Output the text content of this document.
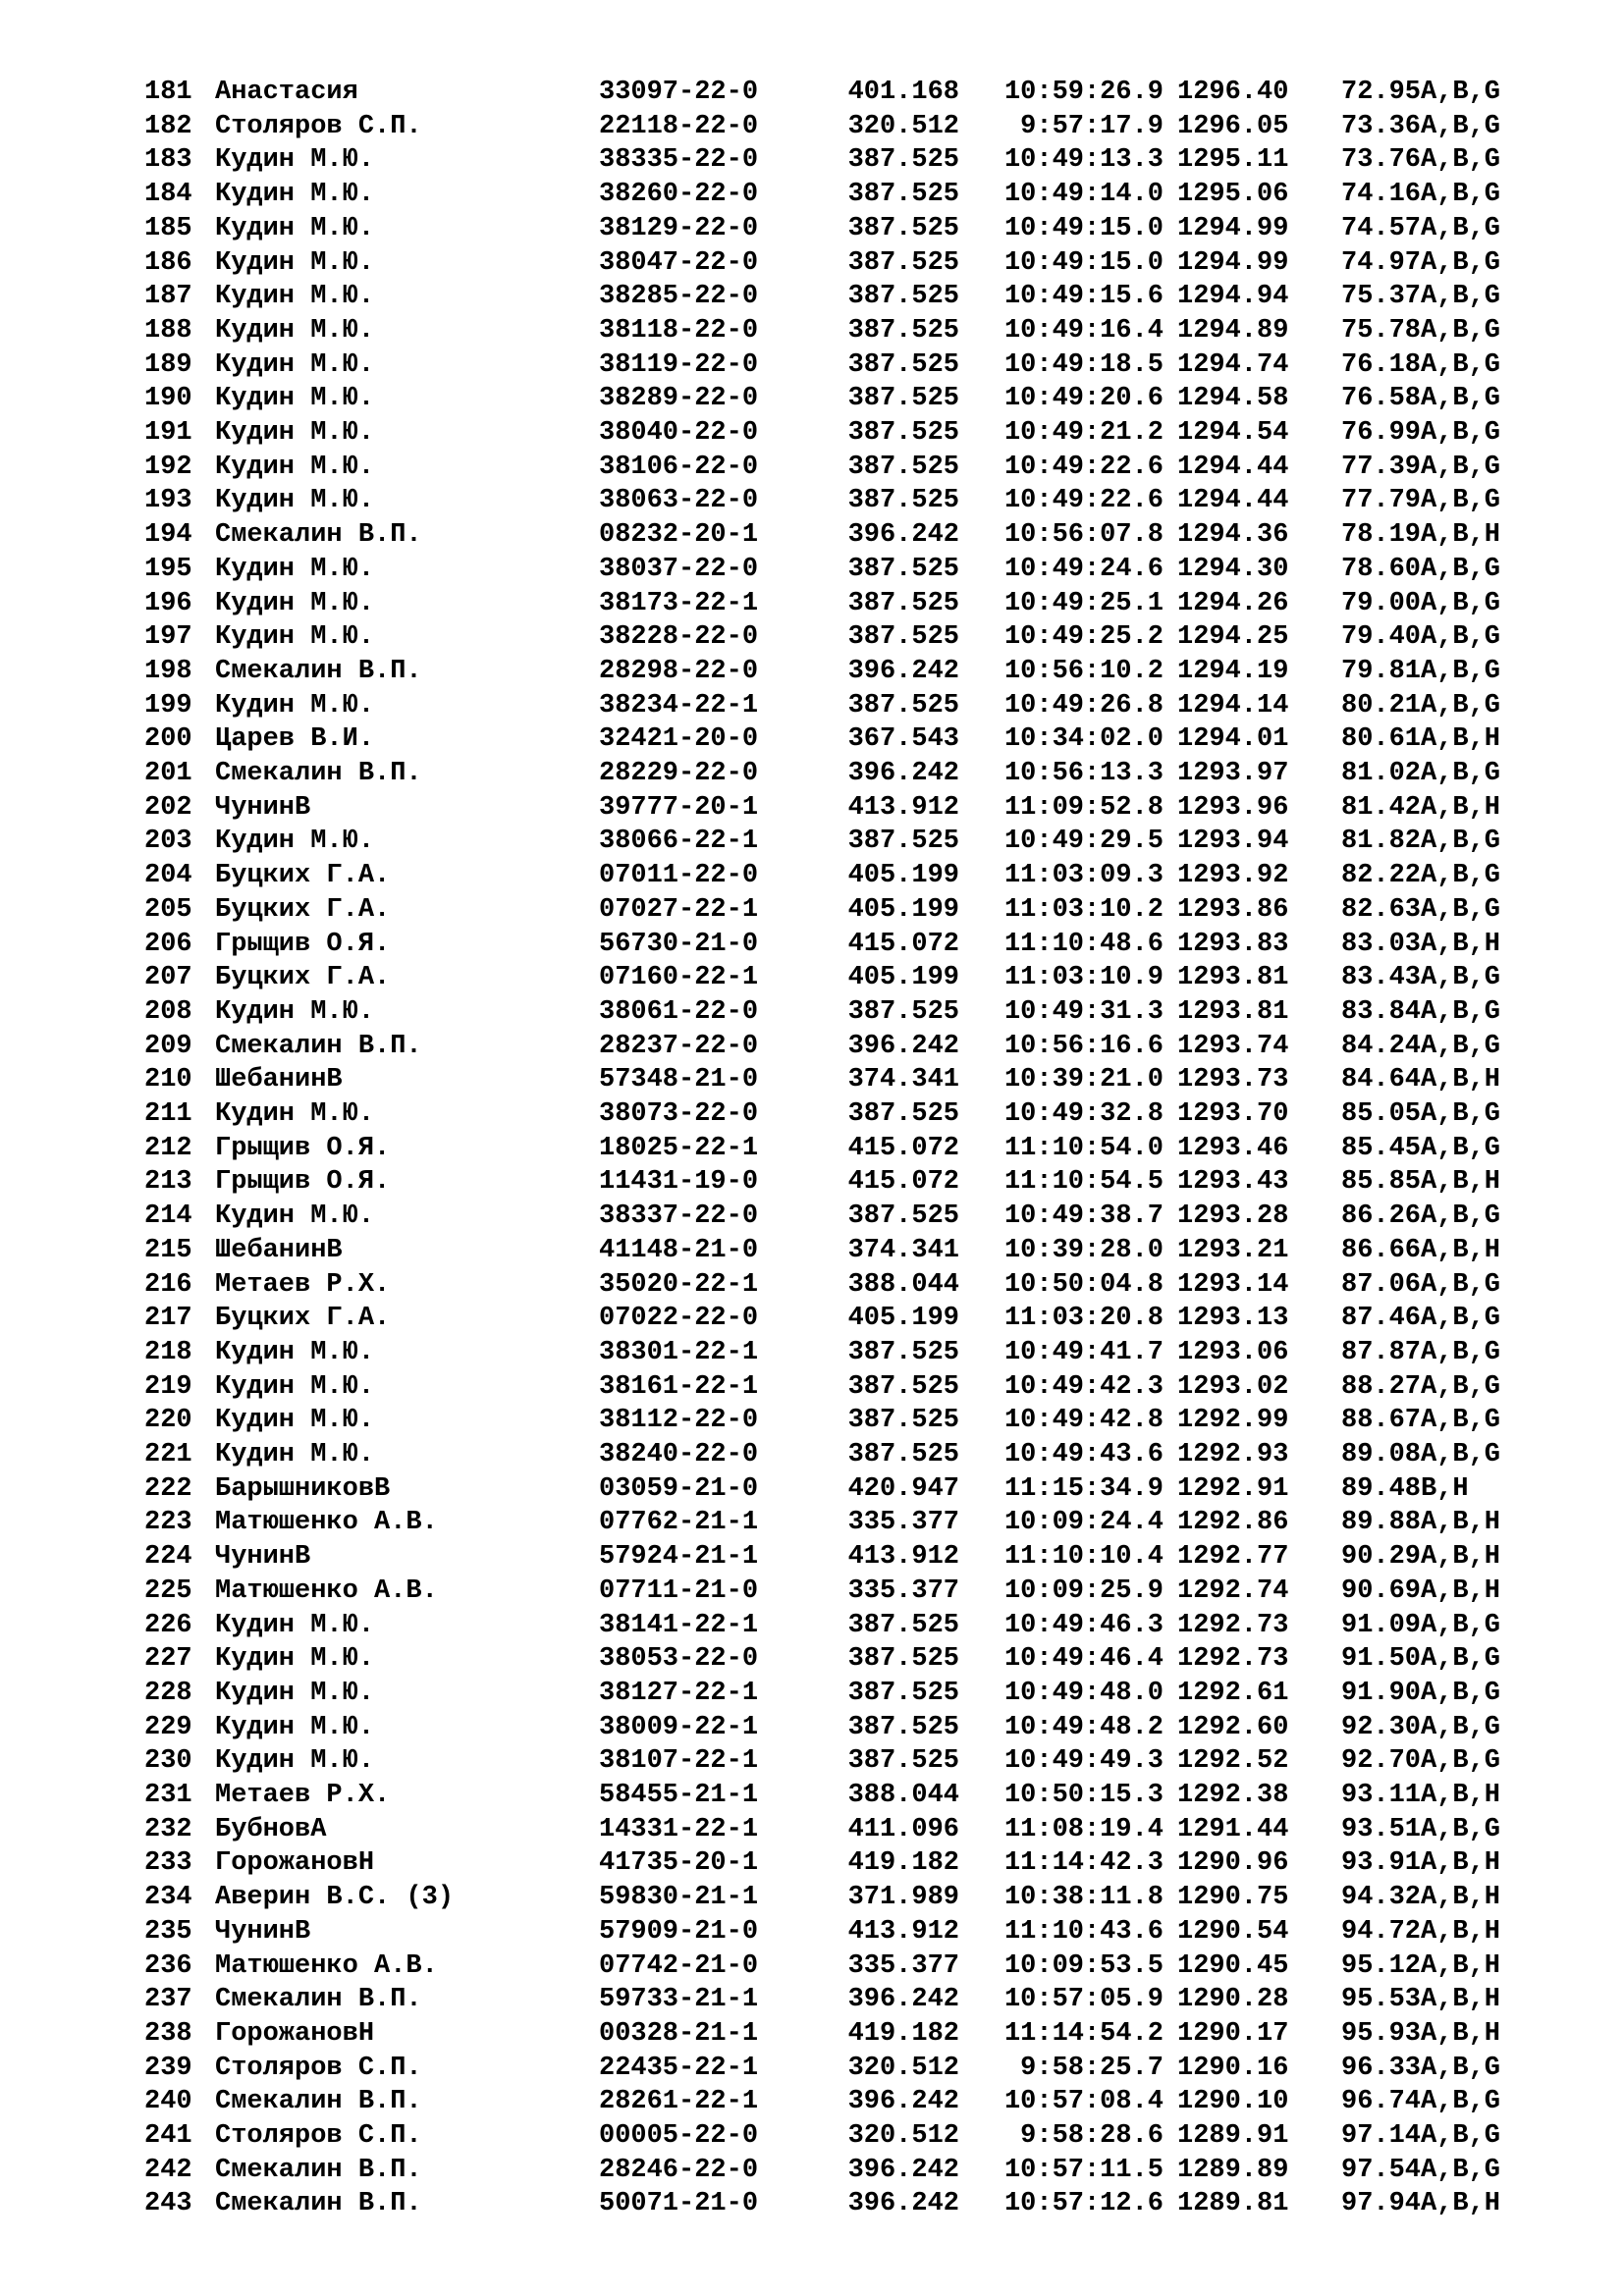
181 Анастасия	33097-22-0	401.168	10:59:26.9 1296.40 72.95 A,B,G
182 Столяров С.П.	22118-22-0	320.512	9:57:17.9 1296.05 73.36 A,B,G
183 Кудин М.Ю.	38335-22-0	387.525	10:49:13.3 1295.11 73.76 A,B,G
184 Кудин М.Ю.	38260-22-0	387.525	10:49:14.0 1295.06 74.16 A,B,G
185 Кудин М.Ю.	38129-22-0	387.525	10:49:15.0 1294.99 74.57 A,B,G
186 Кудин М.Ю.	38047-22-0	387.525	10:49:15.0 1294.99 74.97 A,B,G
187 Кудин М.Ю.	38285-22-0	387.525	10:49:15.6 1294.94 75.37 A,B,G
188 Кудин М.Ю.	38118-22-0	387.525	10:49:16.4 1294.89 75.78 A,B,G
189 Кудин М.Ю.	38119-22-0	387.525	10:49:18.5 1294.74 76.18 A,B,G
190 Кудин М.Ю.	38289-22-0	387.525	10:49:20.6 1294.58 76.58 A,B,G
191 Кудин М.Ю.	38040-22-0	387.525	10:49:21.2 1294.54 76.99 A,B,G
192 Кудин М.Ю.	38106-22-0	387.525	10:49:22.6 1294.44 77.39 A,B,G
193 Кудин М.Ю.	38063-22-0	387.525	10:49:22.6 1294.44 77.79 A,B,G
194 Смекалин В.П.	08232-20-1	396.242	10:56:07.8 1294.36 78.19 A,B,H
195 Кудин М.Ю.	38037-22-0	387.525	10:49:24.6 1294.30 78.60 A,B,G
196 Кудин М.Ю.	38173-22-1	387.525	10:49:25.1 1294.26 79.00 A,B,G
197 Кудин М.Ю.	38228-22-0	387.525	10:49:25.2 1294.25 79.40 A,B,G
198 Смекалин В.П.	28298-22-0	396.242	10:56:10.2 1294.19 79.81 A,B,G
199 Кудин М.Ю.	38234-22-1	387.525	10:49:26.8 1294.14 80.21 A,B,G
200 Царев В.И.	32421-20-0	367.543	10:34:02.0 1294.01 80.61 A,B,H
201 Смекалин В.П.	28229-22-0	396.242	10:56:13.3 1293.97 81.02 A,B,G
202 ЧунинВ	39777-20-1	413.912	11:09:52.8 1293.96 81.42 A,B,H
203 Кудин М.Ю.	38066-22-1	387.525	10:49:29.5 1293.94 81.82 A,B,G
204 Буцких Г.А.	07011-22-0	405.199	11:03:09.3 1293.92 82.22 A,B,G
205 Буцких Г.А.	07027-22-1	405.199	11:03:10.2 1293.86 82.63 A,B,G
206 Грыщив О.Я.	56730-21-0	415.072	11:10:48.6 1293.83 83.03 A,B,H
207 Буцких Г.А.	07160-22-1	405.199	11:03:10.9 1293.81 83.43 A,B,G
208 Кудин М.Ю.	38061-22-0	387.525	10:49:31.3 1293.81 83.84 A,B,G
209 Смекалин В.П.	28237-22-0	396.242	10:56:16.6 1293.74 84.24 A,B,G
210 ШебанинВ	57348-21-0	374.341	10:39:21.0 1293.73 84.64 A,B,H
211 Кудин М.Ю.	38073-22-0	387.525	10:49:32.8 1293.70 85.05 A,B,G
212 Грыщив О.Я.	18025-22-1	415.072	11:10:54.0 1293.46 85.45 A,B,G
213 Грыщив О.Я.	11431-19-0	415.072	11:10:54.5 1293.43 85.85 A,B,H
214 Кудин М.Ю.	38337-22-0	387.525	10:49:38.7 1293.28 86.26 A,B,G
215 ШебанинВ	41148-21-0	374.341	10:39:28.0 1293.21 86.66 A,B,H
216 Метаев Р.Х.	35020-22-1	388.044	10:50:04.8 1293.14 87.06 A,B,G
217 Буцких Г.А.	07022-22-0	405.199	11:03:20.8 1293.13 87.46 A,B,G
218 Кудин М.Ю.	38301-22-1	387.525	10:49:41.7 1293.06 87.87 A,B,G
219 Кудин М.Ю.	38161-22-1	387.525	10:49:42.3 1293.02 88.27 A,B,G
220 Кудин М.Ю.	38112-22-0	387.525	10:49:42.8 1292.99 88.67 A,B,G
221 Кудин М.Ю.	38240-22-0	387.525	10:49:43.6 1292.93 89.08 A,B,G
222 БарышниковВ	03059-21-0	420.947	11:15:34.9 1292.91 89.48 B,H
223 Матюшенко А.В.	07762-21-1	335.377	10:09:24.4 1292.86 89.88 A,B,H
224 ЧунинВ	57924-21-1	413.912	11:10:10.4 1292.77 90.29 A,B,H
225 Матюшенко А.В.	07711-21-0	335.377	10:09:25.9 1292.74 90.69 A,B,H
226 Кудин М.Ю.	38141-22-1	387.525	10:49:46.3 1292.73 91.09 A,B,G
227 Кудин М.Ю.	38053-22-0	387.525	10:49:46.4 1292.73 91.50 A,B,G
228 Кудин М.Ю.	38127-22-1	387.525	10:49:48.0 1292.61 91.90 A,B,G
229 Кудин М.Ю.	38009-22-1	387.525	10:49:48.2 1292.60 92.30 A,B,G
230 Кудин М.Ю.	38107-22-1	387.525	10:49:49.3 1292.52 92.70 A,B,G
231 Метаев Р.Х.	58455-21-1	388.044	10:50:15.3 1292.38 93.11 A,B,H
232 БубновА	14331-22-1	411.096	11:08:19.4 1291.44 93.51 A,B,G
233 ГорожановН	41735-20-1	419.182	11:14:42.3 1290.96 93.91 A,B,H
234 Аверин В.С. (3)	59830-21-1	371.989	10:38:11.8 1290.75 94.32 A,B,H
235 ЧунинВ	57909-21-0	413.912	11:10:43.6 1290.54 94.72 A,B,H
236 Матюшенко А.В.	07742-21-0	335.377	10:09:53.5 1290.45 95.12 A,B,H
237 Смекалин В.П.	59733-21-1	396.242	10:57:05.9 1290.28 95.53 A,B,H
238 ГорожановН	00328-21-1	419.182	11:14:54.2 1290.17 95.93 A,B,H
239 Столяров С.П.	22435-22-1	320.512	9:58:25.7 1290.16 96.33 A,B,G
240 Смекалин В.П.	28261-22-1	396.242	10:57:08.4 1290.10 96.74 A,B,G
241 Столяров С.П.	00005-22-0	320.512	9:58:28.6 1289.91 97.14 A,B,G
242 Смекалин В.П.	28246-22-0	396.242	10:57:11.5 1289.89 97.54 A,B,G
243 Смекалин В.П.	50071-21-0	396.242	10:57:12.6 1289.81 97.94 A,B,H
